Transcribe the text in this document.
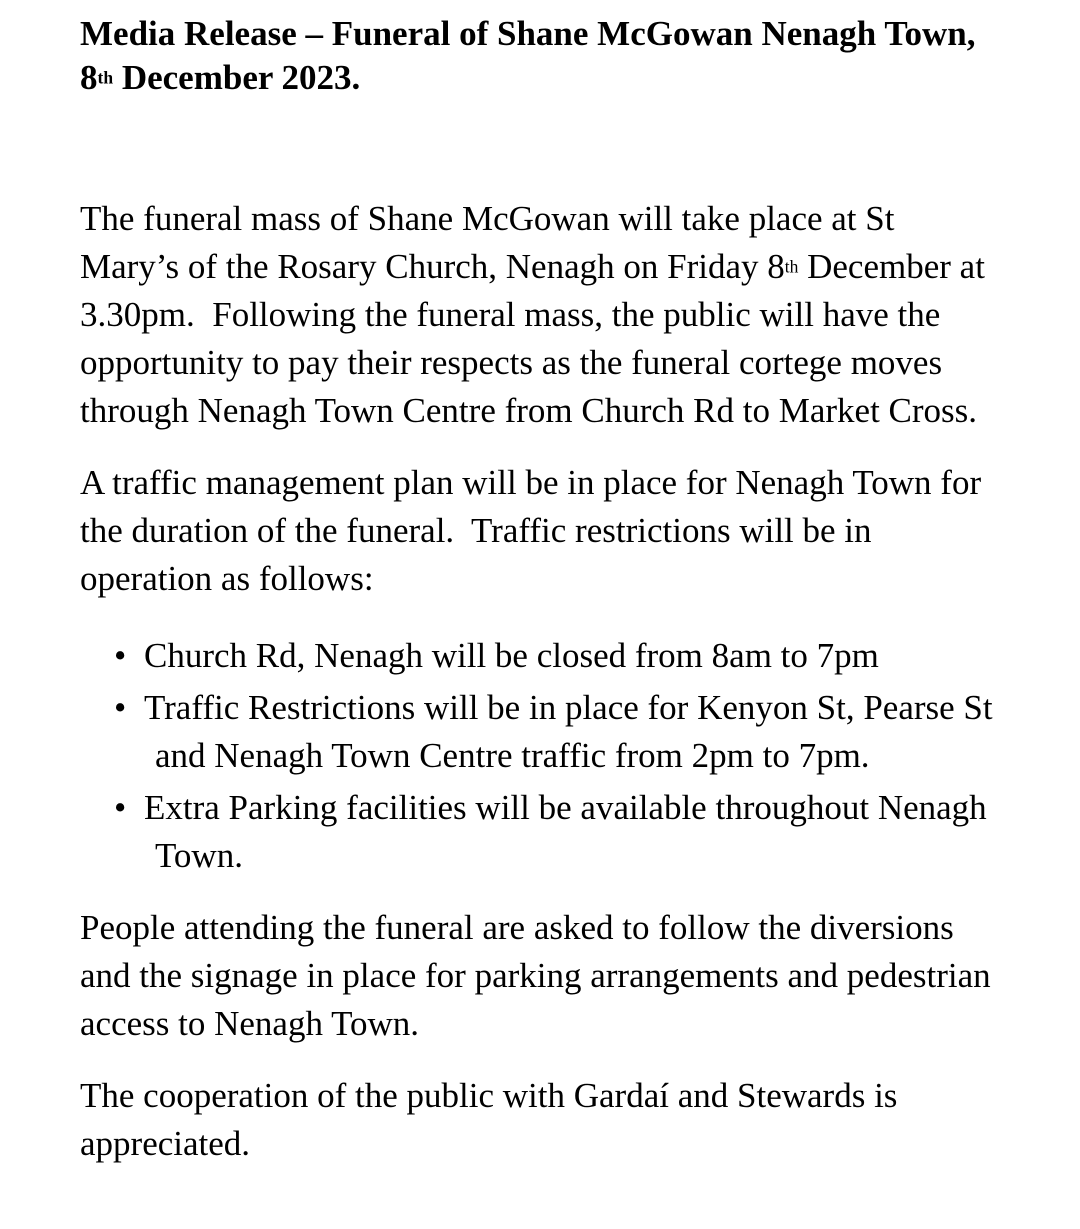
Media Release – Funeral of Shane McGowan Nenagh Town,
8th December 2023.
The funeral mass of Shane McGowan will take place at St
Mary’s of the Rosary Church, Nenagh on Friday 8th December at
3.30pm.  Following the funeral mass, the public will have the
opportunity to pay their respects as the funeral cortege moves
through Nenagh Town Centre from Church Rd to Market Cross.
A traffic management plan will be in place for Nenagh Town for
the duration of the funeral.  Traffic restrictions will be in
operation as follows:
• Church Rd, Nenagh will be closed from 8am to 7pm
• Traffic Restrictions will be in place for Kenyon St, Pearse St
and Nenagh Town Centre traffic from 2pm to 7pm.
• Extra Parking facilities will be available throughout Nenagh
Town.
People attending the funeral are asked to follow the diversions
and the signage in place for parking arrangements and pedestrian
access to Nenagh Town.
The cooperation of the public with Gardaí and Stewards is
appreciated.
